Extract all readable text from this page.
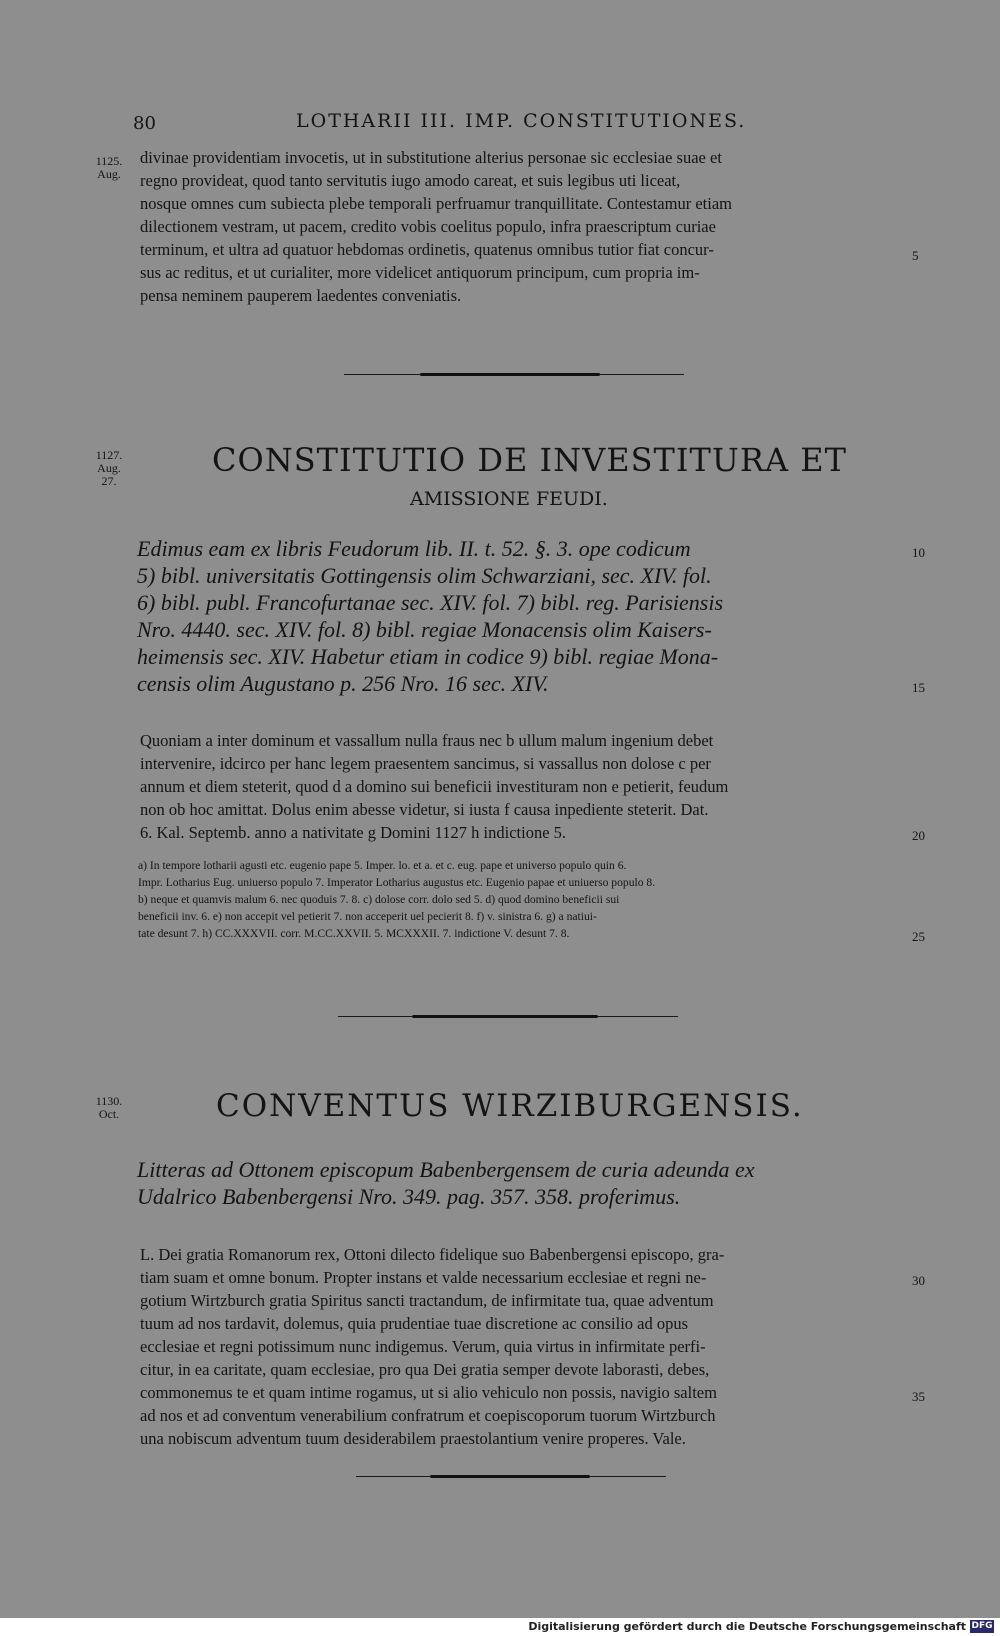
80	LOTHARII III. IMP. CONSTITUTIONES.
1125.
Aug.
divinae providentiam invocetis, ut in substitutione alterius personae sic ecclesiae suae et
regno provideat, quod tanto servitutis iugo amodo careat, et suis legibus uti liceat,
nosque omnes cum subiecta plebe temporali perfruamur tranquillitate. Contestamur etiam
dilectionem vestram, ut pacem, credito vobis coelitus populo, infra praescriptum curiae
terminum, et ultra ad quatuor hebdomas ordinetis, quatenus omnibus tutior fiat concur-
sus ac reditus, et ut curialiter, more videlicet antiquorum principum, cum propria im-
pensa neminem pauperem laedentes conveniatis.
5
1127.
Aug.
27.
CONSTITUTIO DE INVESTITURA ET
AMISSIONE FEUDI.
Edimus eam ex libris Feudorum lib. II. t. 52. §. 3. ope codicum
5) bibl. universitatis Gottingensis olim Schwarziani, sec. XIV. fol.
6) bibl. publ. Francofurtanae sec. XIV. fol. 7) bibl. reg. Parisiensis
Nro. 4440. sec. XIV. fol. 8) bibl. regiae Monacensis olim Kaisers-
heimensis sec. XIV. Habetur etiam in codice 9) bibl. regiae Mona-
censis olim Augustano p. 256 Nro. 16 sec. XIV.
10
15
Quoniam a inter dominum et vassallum nulla fraus nec b ullum malum ingenium debet
intervenire, idcirco per hanc legem praesentem sancimus, si vassallus non dolose c per
annum et diem steterit, quod d a domino sui beneficii investituram non e petierit, feudum
non ob hoc amittat. Dolus enim abesse videtur, si iusta f causa inpediente steterit. Dat.
6. Kal. Septemb. anno a nativitate g Domini 1127 h indictione 5.	20
a) In tempore lotharii agusti etc. eugenio pape 5. Imper. lo. et a. et c. eug. pape et universo populo quin 6.
Impr. Lotharius Eug. uniuerso populo 7. Imperator Lotharius augustus etc. Eugenio papae et uniuerso populo 8.
b) neque et quamvis malum 6. nec quoduis 7. 8. c) dolose corr. dolo sed 5. d) quod domino beneficii sui
beneficii inv. 6. e) non accepit vel petierit 7. non acceperit uel pecierit 8. f) v. sinistra 6. g) a natiui-
tate desunt 7. h) CC.XXXVII. corr. M.CC.XXVII. 5. MCXXXII. 7. indictione V. desunt 7. 8.	25
1130.
Oct.	CONVENTUS WIRZIBURGENSIS.
Litteras ad Ottonem episcopum Babenbergensem de curia adeunda ex
Udalrico Babenbergensi Nro. 349. pag. 357. 358. proferimus.
L. Dei gratia Romanorum rex, Ottoni dilecto fidelique suo Babenbergensi episcopo, gra-
tiam suam et omne bonum. Propter instans et valde necessarium ecclesiae et regni ne-
gotium Wirtzburch gratia Spiritus sancti tractandum, de infirmitate tua, quae adventum
tuum ad nos tardavit, dolemus, quia prudentiae tuae discretione ac consilio ad opus
ecclesiae et regni potissimum nunc indigemus. Verum, quia virtus in infirmitate perfi-
citur, in ea caritate, quam ecclesiae, pro qua Dei gratia semper devote laborasti, debes,
commonemus te et quam intime rogamus, ut si alio vehiculo non possis, navigio saltem
ad nos et ad conventum venerabilium confratrum et coepiscoporum tuorum Wirtzburch
una nobiscum adventum tuum desiderabilem praestolantium venire properes. Vale.
30
35
Digitalisierung gefördert durch die Deutsche Forschungsgemeinschaft DFG
